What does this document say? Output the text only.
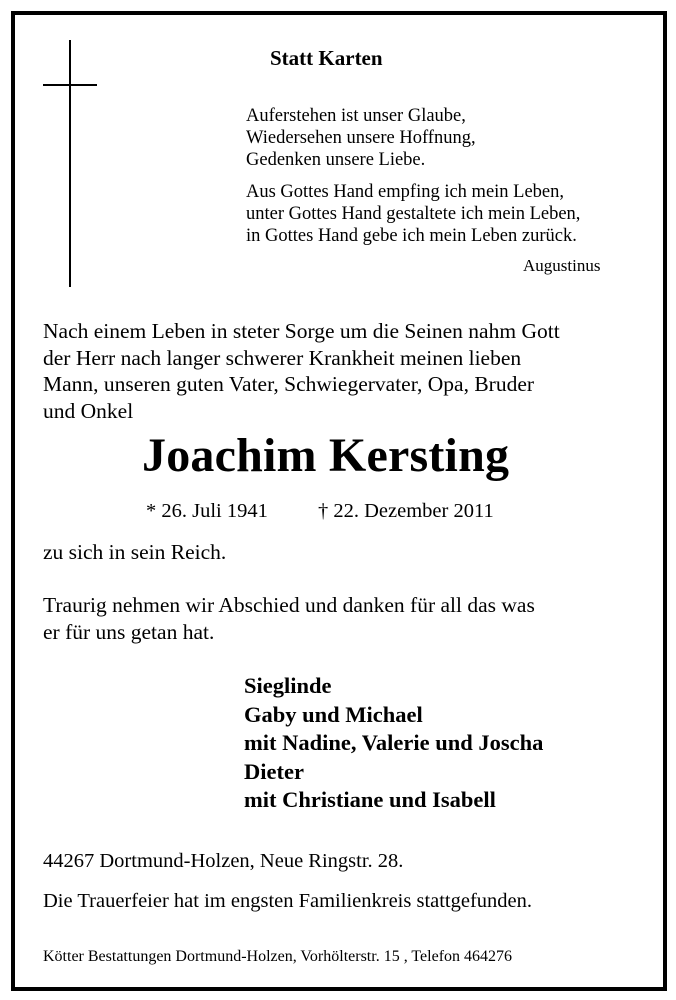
Statt Karten
Auferstehen ist unser Glaube,
Wiedersehen unsere Hoffnung,
Gedenken unsere Liebe.
Aus Gottes Hand empfing ich mein Leben,
unter Gottes Hand gestaltete ich mein Leben,
in Gottes Hand gebe ich mein Leben zurück.
Augustinus
Nach einem Leben in steter Sorge um die Seinen nahm Gott
der Herr nach langer schwerer Krankheit meinen lieben
Mann, unseren guten Vater, Schwiegervater, Opa, Bruder
und Onkel
Joachim Kersting
* 26. Juli 1941 † 22. Dezember 2011
zu sich in sein Reich.
Traurig nehmen wir Abschied und danken für all das was
er für uns getan hat.
Sieglinde
Gaby und Michael
mit Nadine, Valerie und Joscha
Dieter
mit Christiane und Isabell
44267 Dortmund-Holzen, Neue Ringstr. 28.
Die Trauerfeier hat im engsten Familienkreis stattgefunden.
Kötter Bestattungen Dortmund-Holzen, Vorhölterstr. 15 , Telefon 464276
